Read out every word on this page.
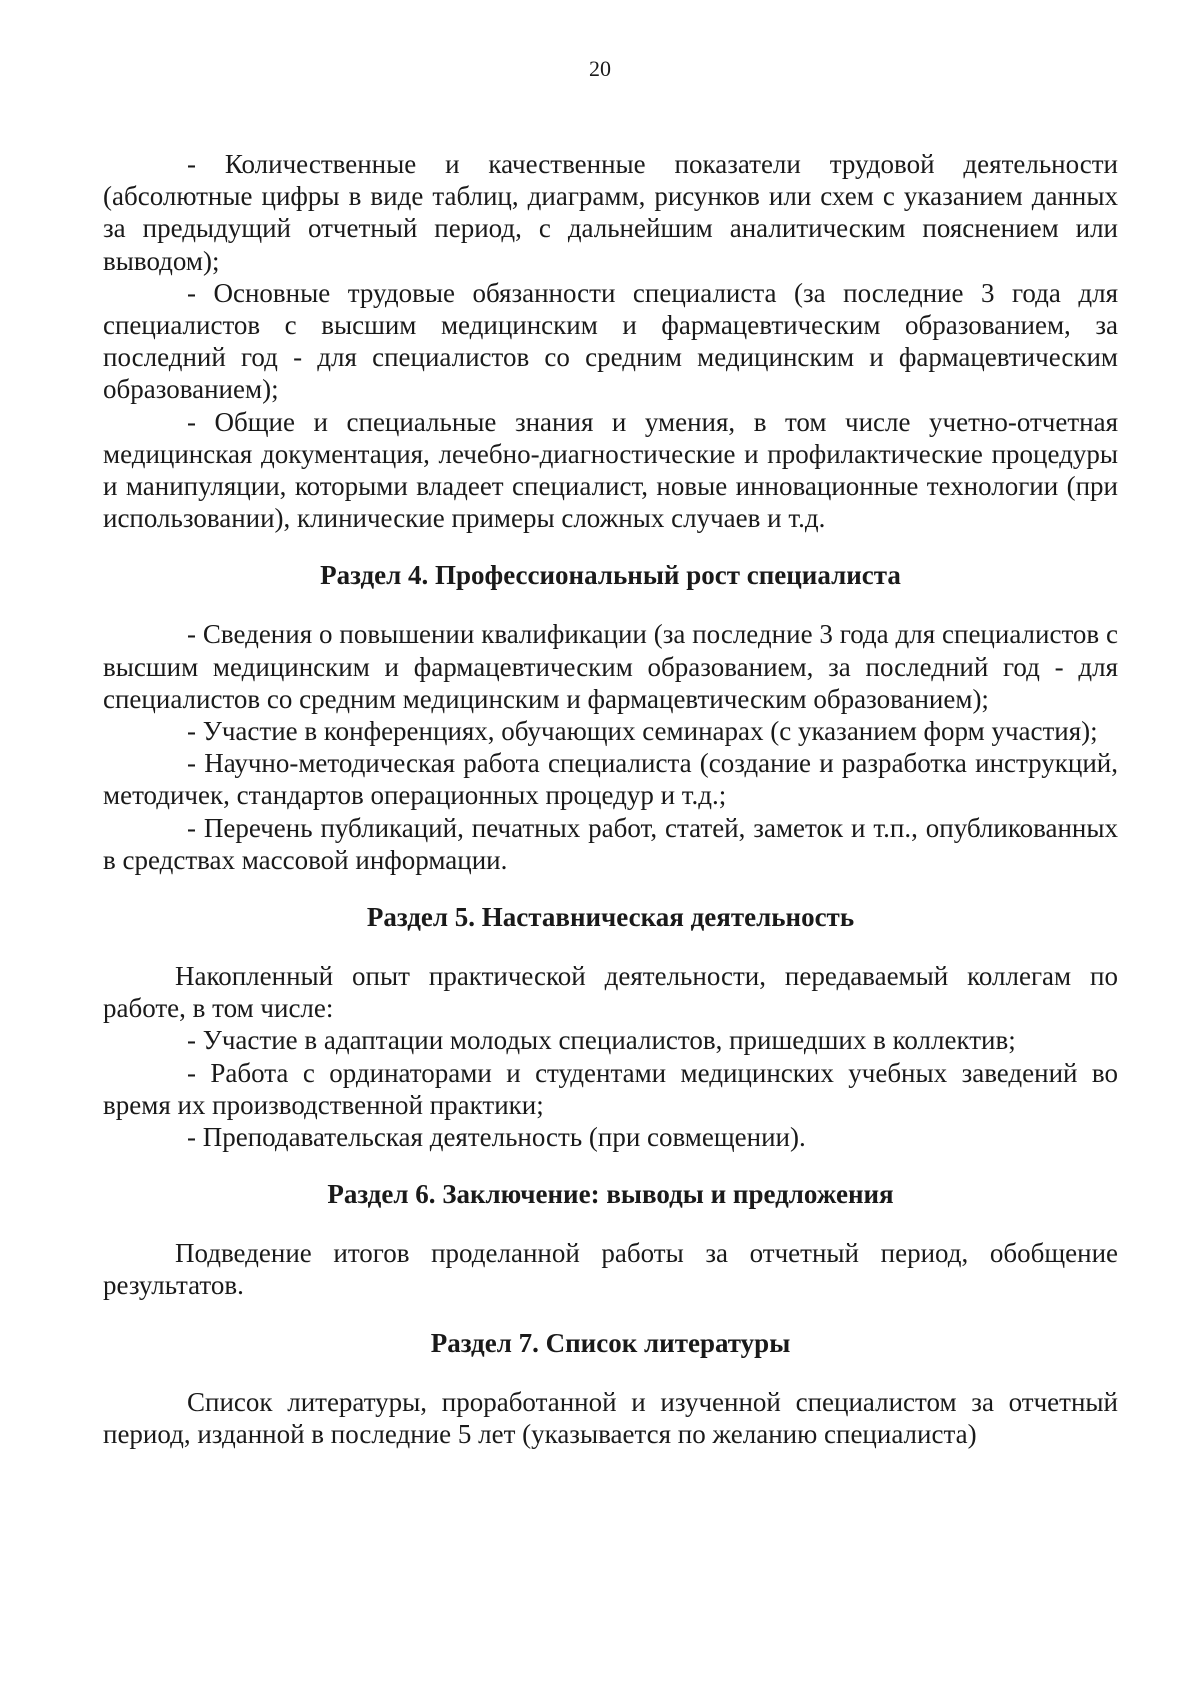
20

- Количественные и качественные показатели трудовой деятельности (абсолютные цифры в виде таблиц, диаграмм, рисунков или схем с указанием данных за предыдущий отчетный период, с дальнейшим аналитическим пояснением или выводом);

- Основные трудовые обязанности специалиста (за последние 3 года для специалистов с высшим медицинским и фармацевтическим образованием, за последний год - для специалистов со средним медицинским и фармацевтическим образованием);

- Общие и специальные знания и умения, в том числе учетно-отчетная медицинская документация, лечебно-диагностические и профилактические процедуры и манипуляции, которыми владеет специалист, новые инновационные технологии (при использовании), клинические примеры сложных случаев и т.д.

Раздел 4. Профессиональный рост специалиста

- Сведения о повышении квалификации (за последние 3 года для специалистов с высшим медицинским и фармацевтическим образованием, за последний год - для специалистов со средним медицинским и фармацевтическим образованием);

- Участие в конференциях, обучающих семинарах (с указанием форм участия);

- Научно-методическая работа специалиста (создание и разработка инструкций, методичек, стандартов операционных процедур и т.д.;

- Перечень публикаций, печатных работ, статей, заметок и т.п., опубликованных в средствах массовой информации.

Раздел 5. Наставническая деятельность

Накопленный опыт практической деятельности, передаваемый коллегам по работе, в том числе:

- Участие в адаптации молодых специалистов, пришедших в коллектив;

- Работа с ординаторами и студентами медицинских учебных заведений во время их производственной практики;

- Преподавательская деятельность (при совмещении).

Раздел 6. Заключение: выводы и предложения

Подведение итогов проделанной работы за отчетный период, обобщение результатов.

Раздел 7. Список литературы

Список литературы, проработанной и изученной специалистом за отчетный период, изданной в последние 5 лет (указывается по желанию специалиста)
